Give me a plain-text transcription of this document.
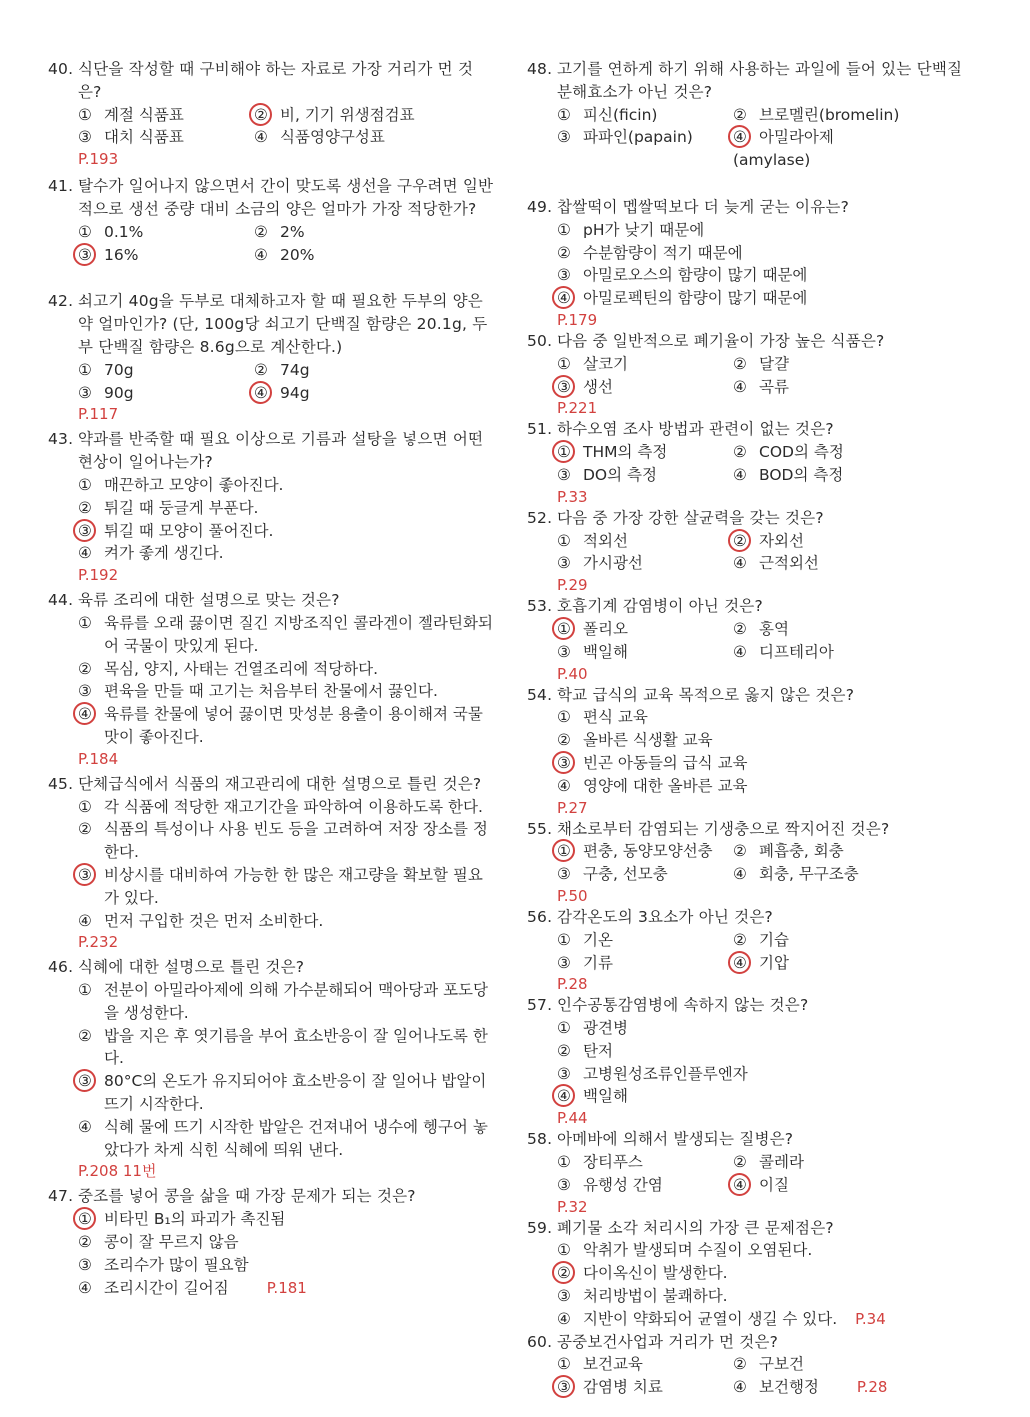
40. 식단을 작성할 때 구비해야 하는 자료로 가장 거리가 먼 것은?
① 계절 식품표	② 비, 기기 위생점검표
③ 대치 식품표	④ 식품영양구성표
P.193
41. 탈수가 일어나지 않으면서 간이 맞도록 생선을 구우려면 일반적으로 생선 중량 대비 소금의 양은 얼마가 가장 적당한가?
① 0.1%	② 2%
③ 16%	④ 20%
42. 쇠고기 40g을 두부로 대체하고자 할 때 필요한 두부의 양은 약 얼마인가? (단, 100g당 쇠고기 단백질 함량은 20.1g, 두부 단백질 함량은 8.6g으로 계산한다.)
① 70g	② 74g
③ 90g	④ 94g
P.117
43. 약과를 반죽할 때 필요 이상으로 기름과 설탕을 넣으면 어떤 현상이 일어나는가?
① 매끈하고 모양이 좋아진다.
② 튀길 때 둥글게 부푼다.
③ 튀길 때 모양이 풀어진다.
④ 켜가 좋게 생긴다.
P.192
44. 육류 조리에 대한 설명으로 맞는 것은?
① 육류를 오래 끓이면 질긴 지방조직인 콜라겐이 젤라틴화되어 국물이 맛있게 된다.
② 목심, 양지, 사태는 건열조리에 적당하다.
③ 편육을 만들 때 고기는 처음부터 찬물에서 끓인다.
④ 육류를 찬물에 넣어 끓이면 맛성분 용출이 용이해져 국물 맛이 좋아진다.
P.184
45. 단체급식에서 식품의 재고관리에 대한 설명으로 틀린 것은?
① 각 식품에 적당한 재고기간을 파악하여 이용하도록 한다.
② 식품의 특성이나 사용 빈도 등을 고려하여 저장 장소를 정한다.
③ 비상시를 대비하여 가능한 한 많은 재고량을 확보할 필요가 있다.
④ 먼저 구입한 것은 먼저 소비한다.
P.232
46. 식혜에 대한 설명으로 틀린 것은?
① 전분이 아밀라아제에 의해 가수분해되어 맥아당과 포도당을 생성한다.
② 밥을 지은 후 엿기름을 부어 효소반응이 잘 일어나도록 한다.
③ 80°C의 온도가 유지되어야 효소반응이 잘 일어나 밥알이 뜨기 시작한다.
④ 식혜 물에 뜨기 시작한 밥알은 건져내어 냉수에 헹구어 놓았다가 차게 식힌 식혜에 띄워 낸다.
P.208 11번
47. 중조를 넣어 콩을 삶을 때 가장 문제가 되는 것은?
① 비타민 B₁의 파괴가 촉진됨
② 콩이 잘 무르지 않음
③ 조리수가 많이 필요함
④ 조리시간이 길어짐	P.181
48. 고기를 연하게 하기 위해 사용하는 과일에 들어 있는 단백질 분해효소가 아닌 것은?
① 피신(ficin)	② 브로멜린(bromelin)
③ 파파인(papain)	④ 아밀라아제(amylase)
49. 찹쌀떡이 멥쌀떡보다 더 늦게 굳는 이유는?
① pH가 낮기 때문에
② 수분함량이 적기 때문에
③ 아밀로오스의 함량이 많기 때문에
④ 아밀로펙틴의 함량이 많기 때문에
P.179
50. 다음 중 일반적으로 폐기율이 가장 높은 식품은?
① 살코기	② 달걀
③ 생선	④ 곡류
P.221
51. 하수오염 조사 방법과 관련이 없는 것은?
① THM의 측정	② COD의 측정
③ DO의 측정	④ BOD의 측정
P.33
52. 다음 중 가장 강한 살균력을 갖는 것은?
① 적외선	② 자외선
③ 가시광선	④ 근적외선
P.29
53. 호흡기계 감염병이 아닌 것은?
① 폴리오	② 홍역
③ 백일해	④ 디프테리아
P.40
54. 학교 급식의 교육 목적으로 옳지 않은 것은?
① 편식 교육
② 올바른 식생활 교육
③ 빈곤 아동들의 급식 교육
④ 영양에 대한 올바른 교육
P.27
55. 채소로부터 감염되는 기생충으로 짝지어진 것은?
① 편충, 동양모양선충	② 폐흡충, 회충
③ 구충, 선모충	④ 회충, 무구조충
P.50
56. 감각온도의 3요소가 아닌 것은?
① 기온	② 기습
③ 기류	④ 기압
P.28
57. 인수공통감염병에 속하지 않는 것은?
① 광견병
② 탄저
③ 고병원성조류인플루엔자
④ 백일해
P.44
58. 아메바에 의해서 발생되는 질병은?
① 장티푸스	② 콜레라
③ 유행성 간염	④ 이질
P.32
59. 폐기물 소각 처리시의 가장 큰 문제점은?
① 악취가 발생되며 수질이 오염된다.
② 다이옥신이 발생한다.
③ 처리방법이 불쾌하다.
④ 지반이 약화되어 균열이 생길 수 있다. P.34
60. 공중보건사업과 거리가 먼 것은?
① 보건교육	② 구보건
③ 감염병 치료	④ 보건행정	P.28
